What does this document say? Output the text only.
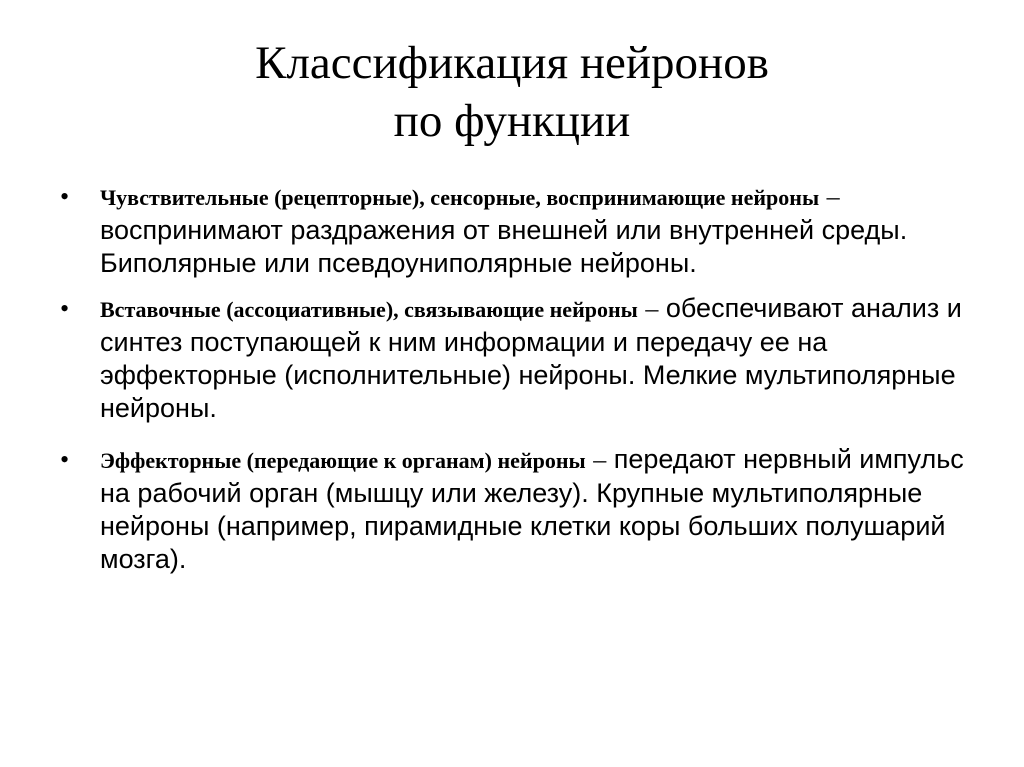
Классификация нейронов
по функции
•	Чувствительные (рецепторные), сенсорные, воспринимающие нейроны – воспринимают раздражения от внешней или внутренней среды. Биполярные или псевдоуниполярные нейроны.
•	Вставочные (ассоциативные), связывающие нейроны – обеспечивают анализ и синтез поступающей к ним информации и передачу ее на эффекторные (исполнительные) нейроны. Мелкие мультиполярные нейроны.
•	Эффекторные (передающие к органам) нейроны – передают нервный импульс на рабочий орган (мышцу или железу). Крупные мультиполярные нейроны (например, пирамидные клетки коры больших полушарий мозга).
